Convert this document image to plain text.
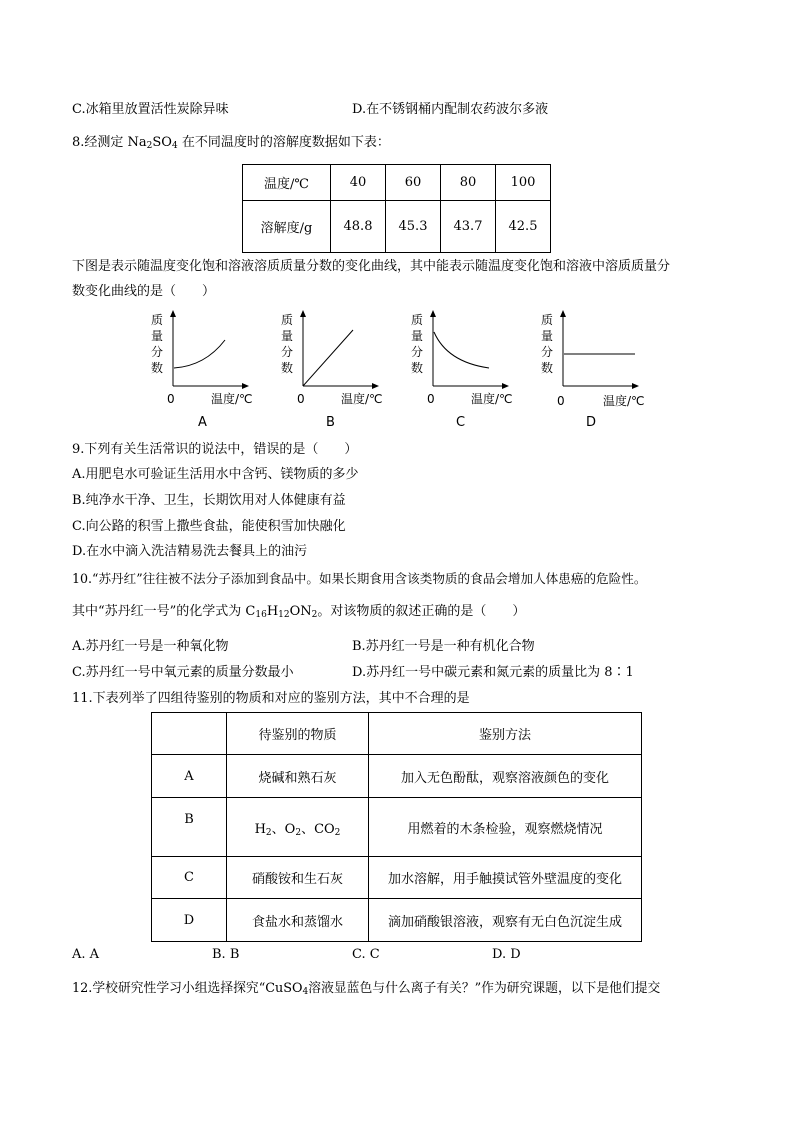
C.冰箱里放置活性炭除异味	D.在不锈钢桶内配制农药波尔多液
8.经测定 $Na_2SO_4$ 在不同温度时的溶解度数据如下表：
温度/℃	40	60	80	100
溶解度/g	48.8	45.3	43.7	42.5
下图是表示随温度变化饱和溶液溶质质量分数的变化曲线，其中能表示随温度变化饱和溶液中溶质质量分
数变化曲线的是（　　）
质
量
分
数
0	温度/℃
A
质
量
分
数
0	温度/℃
B
质
量
分
数
0	温度/℃
C
质
量
分
数
0	温度/℃
D
9.下列有关生活常识的说法中，错误的是（　　）
A.用肥皂水可验证生活用水中含钙、镁物质的多少
B.纯净水干净、卫生，长期饮用对人体健康有益
C.向公路的积雪上撒些食盐，能使积雪加快融化
D.在水中滴入洗洁精易洗去餐具上的油污
10.“苏丹红”往往被不法分子添加到食品中。如果长期食用含该类物质的食品会增加人体患癌的危险性。
其中“苏丹红一号”的化学式为 $C_{16}H_{12}ON_2$。对该物质的叙述正确的是（　　）
A.苏丹红一号是一种氧化物	B.苏丹红一号是一种有机化合物
C.苏丹红一号中氧元素的质量分数最小	D.苏丹红一号中碳元素和氮元素的质量比为 8∶1
11.下表列举了四组待鉴别的物质和对应的鉴别方法，其中不合理的是
	待鉴别的物质	鉴别方法
A	烧碱和熟石灰	加入无色酚酞，观察溶液颜色的变化
B	$H_2$、$O_2$、$CO_2$	用燃着的木条检验，观察燃烧情况
C	硝酸铵和生石灰	加水溶解，用手触摸试管外壁温度的变化
D	食盐水和蒸馏水	滴加硝酸银溶液，观察有无白色沉淀生成
A. A	B. B	C. C	D. D
12.学校研究性学习小组选择探究“CuSO$_4$溶液显蓝色与什么离子有关？”作为研究课题，以下是他们提交
